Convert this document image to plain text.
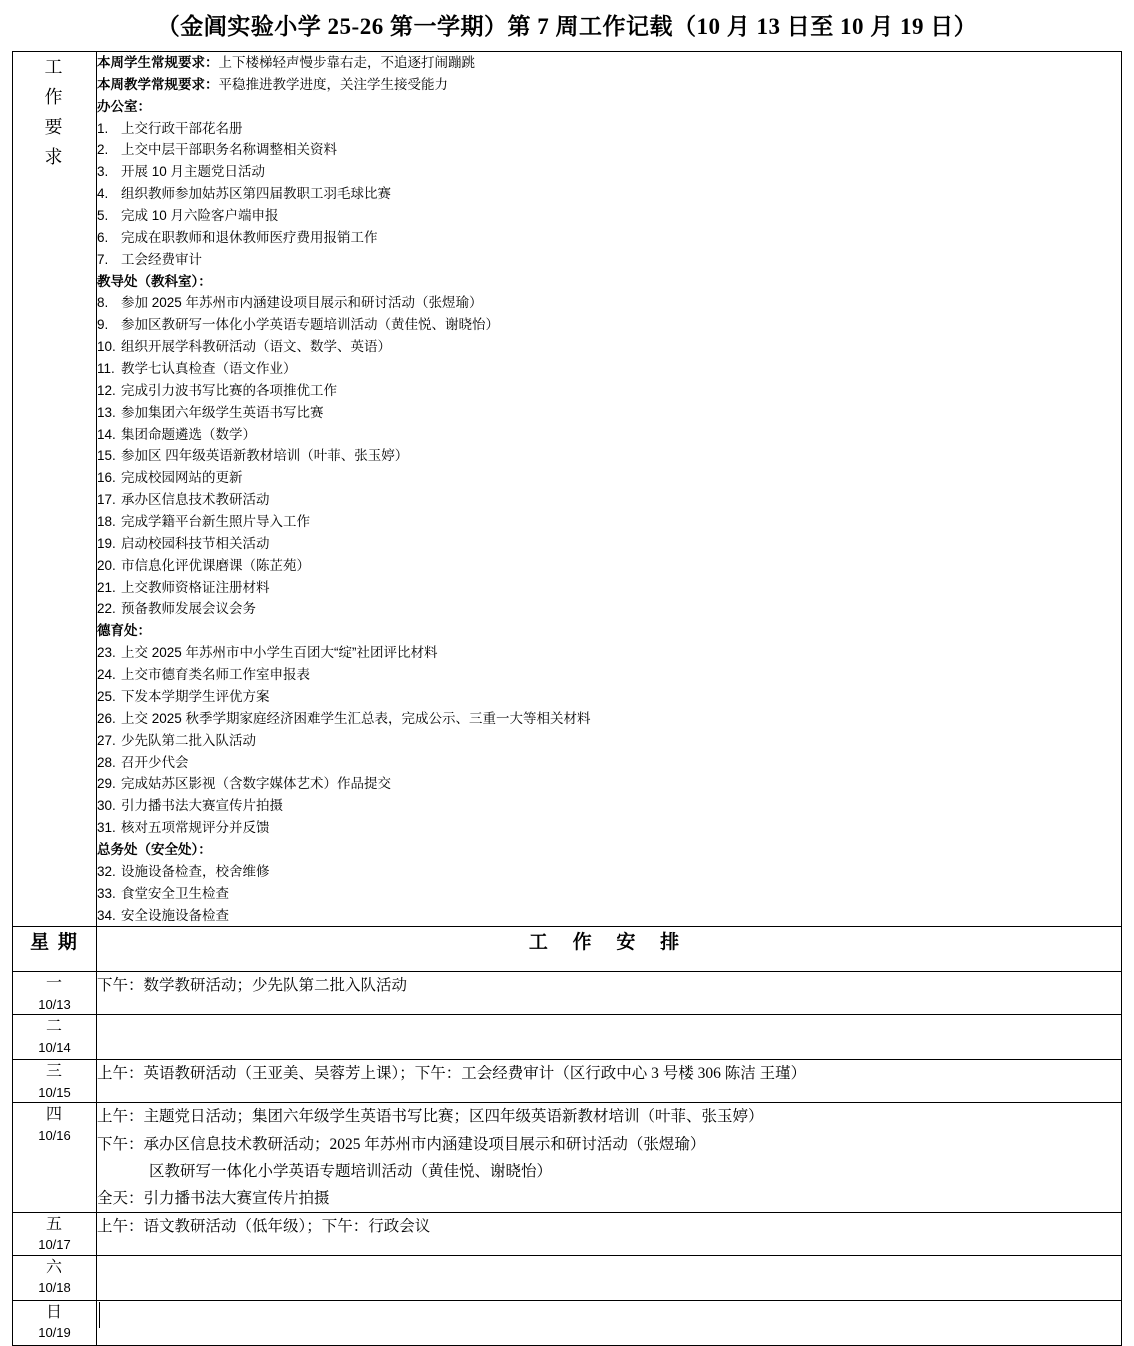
（金阊实验小学 25-26 第一学期）第 7 周工作记载（10 月 13 日至 10 月 19 日）
工
作
要
求

本周学生常规要求：上下楼梯轻声慢步靠右走，不追逐打闹蹦跳
本周教学常规要求：平稳推进教学进度，关注学生接受能力
办公室：
1. 上交行政干部花名册
2. 上交中层干部职务名称调整相关资料
3. 开展 10 月主题党日活动
4. 组织教师参加姑苏区第四届教职工羽毛球比赛
5. 完成 10 月六险客户端申报
6. 完成在职教师和退休教师医疗费用报销工作
7. 工会经费审计
教导处（教科室）：
8. 参加 2025 年苏州市内涵建设项目展示和研讨活动（张煜瑜）
9. 参加区教研写一体化小学英语专题培训活动（黄佳悦、谢晓怡）
10. 组织开展学科教研活动（语文、数学、英语）
11. 教学七认真检查（语文作业）
12. 完成引力波书写比赛的各项推优工作
13. 参加集团六年级学生英语书写比赛
14. 集团命题遴选（数学）
15. 参加区 四年级英语新教材培训（叶菲、张玉婷）
16. 完成校园网站的更新
17. 承办区信息技术教研活动
18. 完成学籍平台新生照片导入工作
19. 启动校园科技节相关活动
20. 市信息化评优课磨课（陈芷苑）
21. 上交教师资格证注册材料
22. 预备教师发展会议会务
德育处：
23. 上交 2025 年苏州市中小学生百团大“绽”社团评比材料
24. 上交市德育类名师工作室申报表
25. 下发本学期学生评优方案
26. 上交 2025 秋季学期家庭经济困难学生汇总表，完成公示、三重一大等相关材料
27. 少先队第二批入队活动
28. 召开少代会
29. 完成姑苏区影视（含数字媒体艺术）作品提交
30. 引力播书法大赛宣传片拍摄
31. 核对五项常规评分并反馈
总务处（安全处）：
32. 设施设备检查，校舍维修
33. 食堂安全卫生检查
34. 安全设施设备检查

星 期	工 作 安 排

一
10/13	下午：数学教研活动；少先队第二批入队活动

二
10/14	

三
10/15	上午：英语教研活动（王亚美、吴蓉芳上课）；下午：工会经费审计（区行政中心 3 号楼 306 陈洁 王瑾）

四
10/16

上午：主题党日活动；集团六年级学生英语书写比赛；区四年级英语新教材培训（叶菲、张玉婷）
下午：承办区信息技术教研活动；2025 年苏州市内涵建设项目展示和研讨活动（张煜瑜）
区教研写一体化小学英语专题培训活动（黄佳悦、谢晓怡）
全天：引力播书法大赛宣传片拍摄

五
10/17	上午：语文教研活动（低年级）；下午：行政会议

六
10/18	

日
10/19	
